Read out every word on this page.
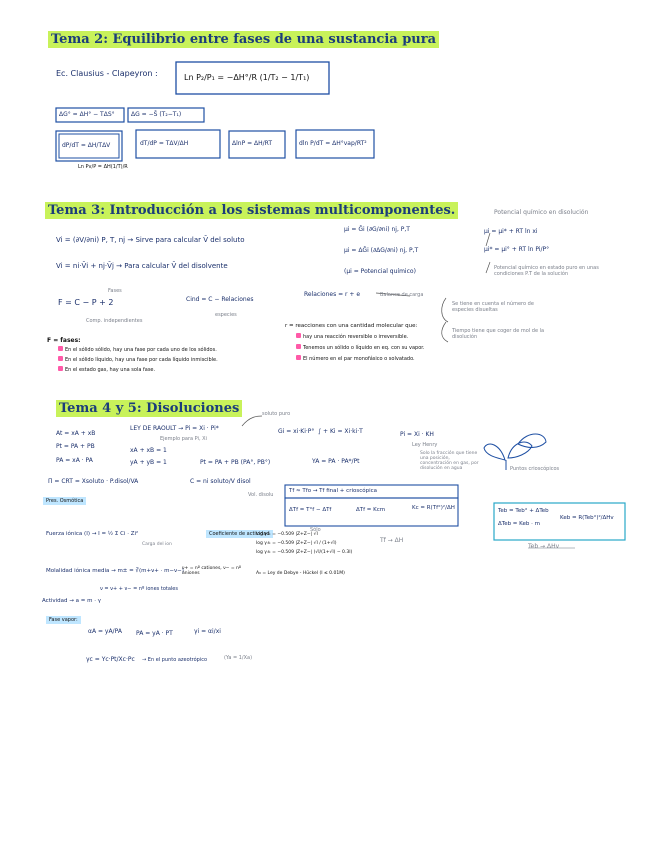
Tema 2: Equilibrio entre fases de una sustancia pura
Ec. Clausius - Clapeyron :	Ln P₂/P₁ = −ΔH°/R (1/T₂ − 1/T₁)
ΔG° = ΔH° − TΔS°	ΔG = −S̄ (T₂−T₁)
dP/dT = ΔH/TΔV	dT/dP = TΔV/ΔH	ΔlnP = ΔH/RT	dln P/dT = ΔH°vap/RT²
Ln Pv/P = ΔH(1/T)/R
Tema 3: Introducción a los sistemas multicomponentes.
Vi = (∂V/∂ni) P, T, nj → Sirve para calcular V̄ del soluto
Vi = ni·V̄i + nj·V̄j → Para calcular V̄ del disolvente
μi = Ḡi (∂G/∂ni) nj, P,T
μi = ΔḠi (∂ΔG/∂ni) nj, P,T
(μi = Potencial químico)
Potencial químico en disolución
μi = μi* + RT ln xi
μi* = μi° + RT ln Pi/P°
Potencial químico en estado puro en unas condiciones P.T de la solución
Fases
F = C − P + 2
Comp. independientes
Cind = C − Relaciones
especies
Relaciones = r + e	Balance de carga
Se tiene en cuenta el número de especies disueltas
Tiempo tiene que coger de mol de la disolución
F = fases:
En el sólido sólido, hay una fase por cada uno de los sólidos.
En el sólido líquido, hay una fase por cada líquido inmiscible.
En el estado gas, hay una sola fase.
r = reacciones con una cantidad molecular que:
hay una reacción reversible o irreversible.
Tenemos un sólido o líquido en eq. con su vapor.
El número en el par monofásico o solvatado.
Tema 4 y 5: Disoluciones	soluto puro
At = xA + xB
Pt = PA + PB
PA = xA · PA
LEY DE RAOULT → Pi = Xi · Pi*
Ejemplo para Pi, Xi
xA + xB = 1
yA + yB = 1	Pt = PA + PB (PA°, PB°)
Gi = xi·Ki·P° ∫ + Ki = Xi·ki·T
YA = PA · PA*/Pt
Pi = Xi · KH
Ley Henry
Solo la fracción que tiene una posición, concentración en gas, por disolución en agua	Puntos crioscópicos
Π = CRT = Xsoluto · P.disol/VA
Pres. Osmótica
C = ni soluto/V disol
Vol. disolu
Tf ≈ Tfo → Tf final + crioscópica
ΔTf = T°f − ΔTf	ΔTf = Kcm	Kc = R(Tf°)²/ΔH
Sólo
Tf → ΔH
Teb = Teb° + ΔTeb
ΔTeb = Keb · m
Keb = R(Teb°)²/ΔHv
Teb → ΔHv
Fuerza iónica (I) → I = ½ Σ Ci · Zi²
Carga del ion
Coeficiente de actividad
log γ± = −0.509 |Z+Z−| √I
log γ± = −0.509 |Z+Z−| √I / (1+√I)
log γ± = −0.509 |Z+Z−| (√I/(1+√I) − 0.3I)
A₀ = Ley de Debye - Hückel (I ≤ 0.01M)
Molalidad iónica media → m± = ∛(m+ν+ · m−ν−)
ν+ = nº cationes, ν− = nº aniones
ν = ν+ + ν− = nº iones totales
Actividad → a = m · γ
Fase vapor:
αA = yA/PA PA = yA · PT	γi = αi/xi
γc = Yc·Pt/Xc·Pc → En el punto azeotrópico	(Ya = 1/Xa)
